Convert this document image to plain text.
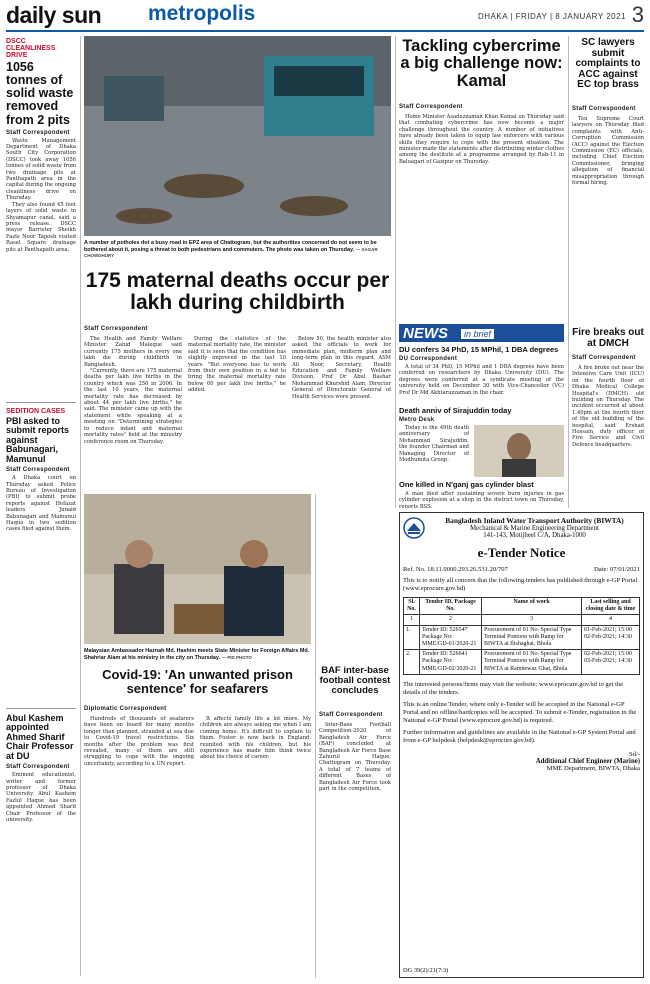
daily sun metropolis	DHAKA | FRIDAY | 8 JANUARY 2021 3
DSCC CLEANLINESS DRIVE
1056 tonnes of solid waste removed from 2 pits
Staff Correspondent

Waste Management Department of Dhaka South City Corporation (DSCC) took away 1056 tonnes of solid waste from two drainage pits at Panthapath area in the capital during the ongoing cleanliness drive on Thursday.

They also found 45 feet layers of solid waste in Shyamapur canal, said a press release. DSCC mayor Barrister Sheikh Fazle Noor Taposh visited Rasel Square drainage pits at Panthapath area.

SEDITION CASES
PBI asked to submit reports against Babunagari, Mamunul
Staff Correspondent

A Dhaka court on Thursday asked Police Bureau of Investigation (PBI) to submit probe reports against Hefazat leaders Junaid Babunagari and Mamunul Haque in two sedition cases filed against them.

Abul Kashem appointed Ahmed Sharif Chair Professor at DU
Staff Correspondent

Eminent educationist, writer and former professor of Dhaka University Abul Kashem Fazlul Haque has been appointed Ahmed Sharif Chair Professor of the university.

A number of potholes dot a busy road in EPZ area of Chattogram, but the authorities concerned do not seem to be bothered about it, posing a threat to both pedestrians and commuters. The photo was taken on Thursday. — SAGAR CHOWDHURY
175 maternal deaths occur per lakh during childbirth
Staff Correspondent

The Health and Family Welfare Minister Zahid Maleque said currently 175 mothers in every one lakh die during childbirth in Bangladesh.

"Currently, there are 175 maternal deaths per lakh live births in the country which was 250 in 2006. In the last 10 years, the maternal mortality rate has decreased by about 44 per lakh live births," he said. The minister came up with the statement while speaking at a meeting on "Determining strategies to reduce infant and maternal mortality rates" held at the ministry conference room on Thursday.

During the statistics of the maternal mortality rate, the minister said it is seen that the condition has slightly improved in the last 10 years. "But everyone has to work from their own position in a bid to bring the maternal mortality rate below 60 per lakh live births," he added.

Below 50, the health minister also asked the officials to work for immediate plan, midterm plan and long-term plan in this regard. ASM Ali Noor, Secretary, Health Education and Family Welfare Division, Prof Dr Abul Bashar Mohammad Khurshid Alam, Director General of Directorate General of Health Services were present.

Malaysian Ambassador Haznah Md. Hashim meets State Minister for Foreign Affairs Md. Shahriar Alam at his ministry in the city on Thursday. — PID PHOTO
Covid-19: 'An unwanted prison sentence' for seafarers
Diplomatic Correspondent

Hundreds of thousands of seafarers have been on board for many months longer than planned, stranded at sea due to Covid-19 travel restrictions. Six months after the problem was first revealed, many of them are still struggling to cope with the ongoing uncertainty, according to a UN report.

It affects family life a lot more. My children are always asking me when I am coming home. It's difficult to explain to them. Foster is now back in England, reunited with his children, but his experience has made him think twice about his choice of career.

BAF inter-base football contest concludes
Staff Correspondent

Inter-Base Football Competition-2020 of Bangladesh Air Force (BAF) concluded at Bangladesh Air Force Base Zahurul Haque, Chattogram on Thursday. A total of 7 teams of different Bases of Bangladesh Air Force took part in the competition.

Tackling cybercrime a big challenge now: Kamal
Staff Correspondent

Home Minister Asaduzzaman Khan Kamal on Thursday said that combating cybercrime has now become a major challenge throughout the country. A number of initiatives have already been taken to equip law enforcers with various skills they require to cope with the present situation. The minister made the statements after distributing winter clothes among the destitute at a programme arranged by Rab-11 in Baluagari of Gazipur on Thursday.

SC lawyers submit complaints to ACC against EC top brass
Staff Correspondent

Ten Supreme Court lawyers on Thursday filed complaints with Anti-Corruption Commission (ACC) against the Election Commission (EC) officials, including Chief Election Commissioner, bringing allegation of financial misappropriation through formal hiring.

Fire breaks out at DMCH
Staff Correspondent

A fire broke out near the Intensive Care Unit (ICU) on the fourth floor of Dhaka Medical College Hospital's (DMCH) old building on Thursday. The incident occurred at about 1.40pm at the fourth floor of the old building of the hospital, said Ershad Hossain, duty officer of Fire Service and Civil Defence headquarters.

NEWS	in brief
DU confers 34 PhD, 15 MPhil, 1 DBA degrees
DU Correspondent

A total of 34 PhD, 15 MPhil and 1 DBA degrees have been conferred on researchers by Dhaka University (DU). The degrees were conferred at a syndicate meeting of the university held on December 30 with Vice-Chancellor (VC) Prof Dr Md Akhtaruzzaman in the chair.

Death anniv of Sirajuddin today
Metro Desk

Today is the 49th death anniversary of Mohammad Sirajuddin, the founder Chairman and Managing Director of Modhumita Group.

One killed in N'ganj gas cylinder blast

A man died after sustaining severe burn injuries in gas cylinder explosion at a shop in the district town on Thursday, reports BSS.

Bangladesh Inland Water Transport Authority (BIWTA)
Mechanical & Marine Engineering Department
141-143, Motijheel C/A, Dhaka-1000
e-Tender Notice
Ref. No. 18.11.0000.293.26.531.20/707	Date: 07/01/2021
This is to notify all concern that the following tenders has published through e-GP Portal (www.eprocure.gov.bd)
Sl. No.	Tender ID, Package No.	Name of work	Last selling and closing date & time
1	2	3	4
1.	Tender ID: 526547 Package No: MME/GD-01/2020-21	Procurement of 01 No. Special Type Terminal Pontoon with Ramp for BIWTA at Ilishaghat, Bhola	01-Feb-2021; 15:00 02-Feb-2021; 14:30
2.	Tender ID: 526641 Package No: MME/GD-02/2020-21	Procurement of 01 No. Special Type Terminal Pontoon with Ramp for BIWTA at Ramnewaz Ghat, Bhola	02-Feb-2021; 15:00 03-Feb-2021; 14:30
The interested persons/firms may visit the website: www.eprocure.gov.bd to get the details of the tenders.
This is an online Tender, where only e-Tender will be accepted in the National e-GP Portal and no offline/hardcopies will be accepted. To submit e-Tender, registration in the National e-GP Portal (www.eprocure.gov.bd) is required.
Further information and guidelines are available in the National e-GP System Portal and from e-GP helpdesk (helpdesk@eprocure.gov.bd).
Sd/-
Additional Chief Engineer (Marine)
MME Department, BIWTA, Dhaka
DG 39(2)/21(7:3)
